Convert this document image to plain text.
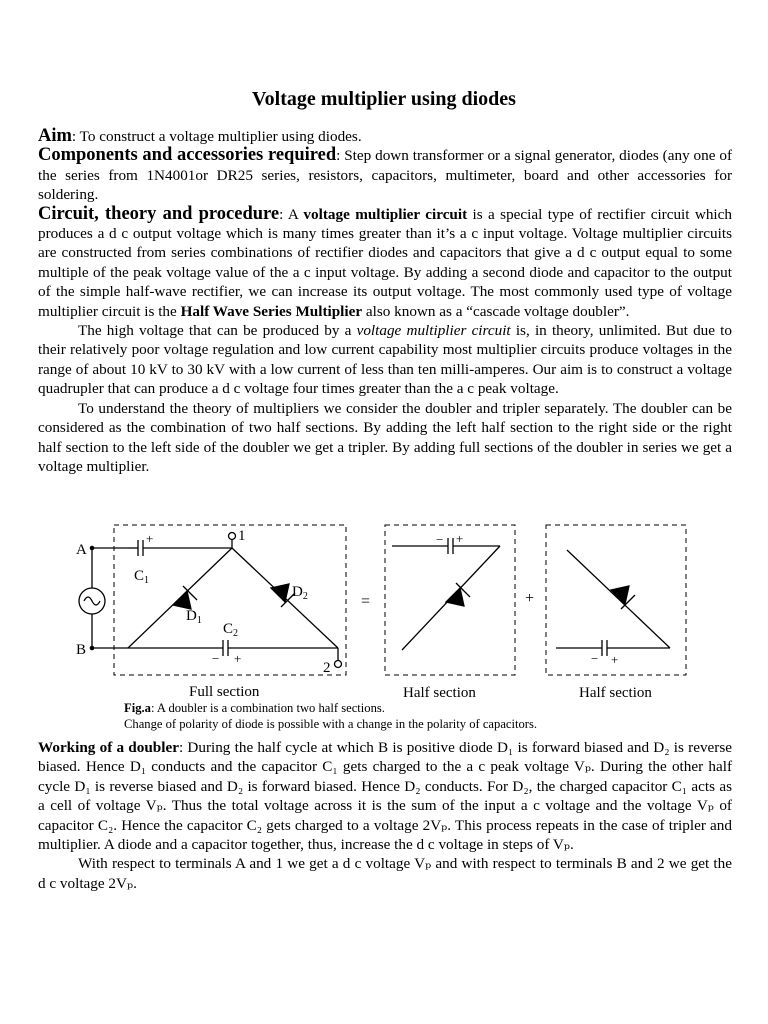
Voltage multiplier using diodes

Aim: To construct a voltage multiplier using diodes.

Components and accessories required: Step down transformer or a signal generator, diodes (any one of the series from 1N4001or DR25 series, resistors, capacitors, multimeter, board and other accessories for soldering.

Circuit, theory and procedure: A voltage multiplier circuit is a special type of rectifier circuit which produces a d c output voltage which is many times greater than it’s a c input voltage. Voltage multiplier circuits are constructed from series combinations of rectifier diodes and capacitors that give a d c output equal to some multiple of the peak voltage value of the a c input voltage. By adding a second diode and capacitor to the output of the simple half-wave rectifier, we can increase its output voltage. The most commonly used type of voltage multiplier circuit is the Half Wave Series Multiplier also known as a “cascade voltage doubler”.

The high voltage that can be produced by a voltage multiplier circuit is, in theory, unlimited. But due to their relatively poor voltage regulation and low current capability most multiplier circuits produce voltages in the range of about 10 kV to 30 kV with a low current of less than ten milli-amperes. Our aim is to construct a voltage quadrupler that can produce a d c voltage four times greater than the a c peak voltage.

To understand the theory of multipliers we consider the doubler and tripler separately. The doubler can be considered as the combination of two half sections. By adding the left half section to the right side or the right half section to the left side of the doubler we get a tripler. By adding full sections of the doubler in series we get a voltage multiplier.

A
B
1
2
+
− +
$C_1$
$C_2$
$D_1$
$D_2$	=	+
− +
− +
Full section	Half section	Half section
Fig.a: A doubler is a combination two half sections.
Change of polarity of diode is possible with a change in the polarity of capacitors.

Working of a doubler: During the half cycle at which B is positive diode D₁ is forward biased and D₂ is reverse biased. Hence D₁ conducts and the capacitor C₁ gets charged to the a c peak voltage Vₚ. During the other half cycle D₁ is reverse biased and D₂ is forward biased. Hence D₂ conducts. For D₂, the charged capacitor C₁ acts as a cell of voltage Vₚ. Thus the total voltage across it is the sum of the input a c voltage and the voltage Vₚ of capacitor C₂. Hence the capacitor C₂ gets charged to a voltage 2Vₚ. This process repeats in the case of tripler and multiplier. A diode and a capacitor together, thus, increase the d c voltage in steps of Vₚ.

With respect to terminals A and 1 we get a d c voltage Vₚ and with respect to terminals B and 2 we get the d c voltage 2Vₚ.
